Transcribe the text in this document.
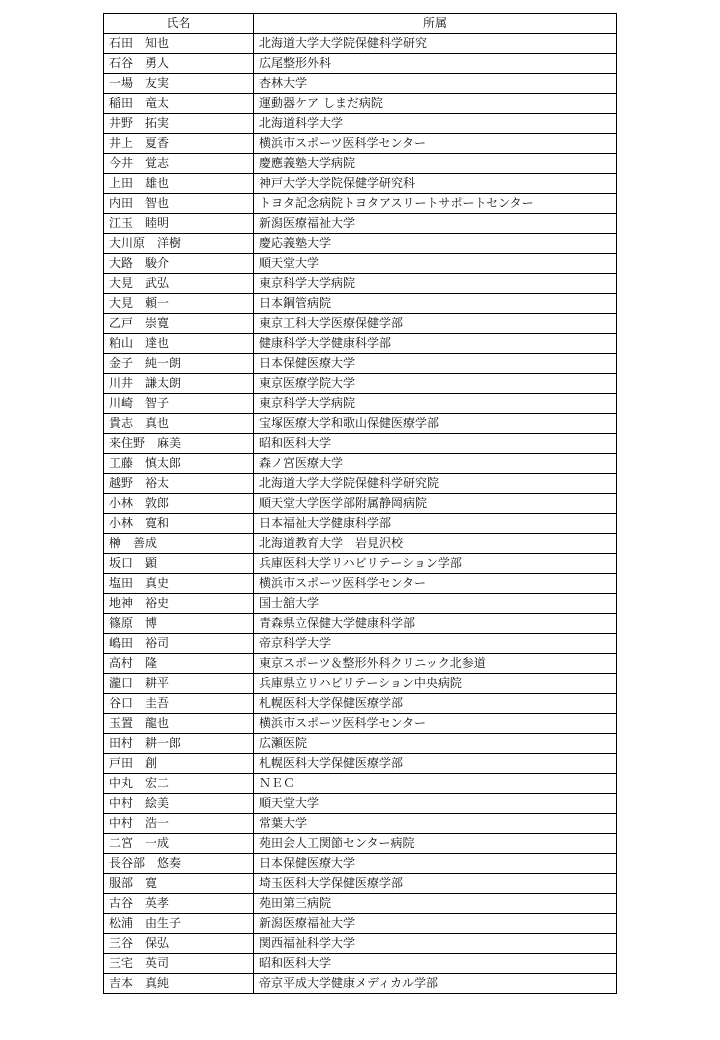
氏名	所属
石田　知也	北海道大学大学院保健科学研究
石谷　勇人	広尾整形外科
一場　友実	杏林大学
稲田　竜太	運動器ケア しまだ病院
井野　拓実	北海道科学大学
井上　夏香	横浜市スポーツ医科学センター
今井　覚志	慶應義塾大学病院
上田　雄也	神戸大学大学院保健学研究科
内田　智也	トヨタ記念病院トヨタアスリートサポートセンター
江玉　睦明	新潟医療福祉大学
大川原　洋樹	慶応義塾大学
大路　駿介	順天堂大学
大見　武弘	東京科学大学病院
大見　頼一	日本鋼管病院
乙戸　崇寛	東京工科大学医療保健学部
粕山　達也	健康科学大学健康科学部
金子　純一朗	日本保健医療大学
川井　謙太朗	東京医療学院大学
川崎　智子	東京科学大学病院
貴志　真也	宝塚医療大学和歌山保健医療学部
来住野　麻美	昭和医科大学
工藤　慎太郎	森ノ宮医療大学
越野　裕太	北海道大学大学院保健科学研究院
小林　敦郎	順天堂大学医学部附属静岡病院
小林　寛和	日本福祉大学健康科学部
榊　善成	北海道教育大学　岩見沢校
坂口　顕	兵庫医科大学リハビリテーション学部
塩田　真史	横浜市スポーツ医科学センター
地神　裕史	国士舘大学
篠原　博	青森県立保健大学健康科学部
嶋田　裕司	帝京科学大学
高村　隆	東京スポーツ＆整形外科クリニック北参道
瀧口　耕平	兵庫県立リハビリテーション中央病院
谷口　圭吾	札幌医科大学保健医療学部
玉置　龍也	横浜市スポーツ医科学センター
田村　耕一郎	広瀬医院
戸田　創	札幌医科大学保健医療学部
中丸　宏二	ＮＥＣ
中村　絵美	順天堂大学
中村　浩一	常葉大学
二宮　一成	苑田会人工関節センター病院
長谷部　悠奏	日本保健医療大学
服部　寛	埼玉医科大学保健医療学部
古谷　英孝	苑田第三病院
松浦　由生子	新潟医療福祉大学
三谷　保弘	関西福祉科学大学
三宅　英司	昭和医科大学
吉本　真純	帝京平成大学健康メディカル学部
